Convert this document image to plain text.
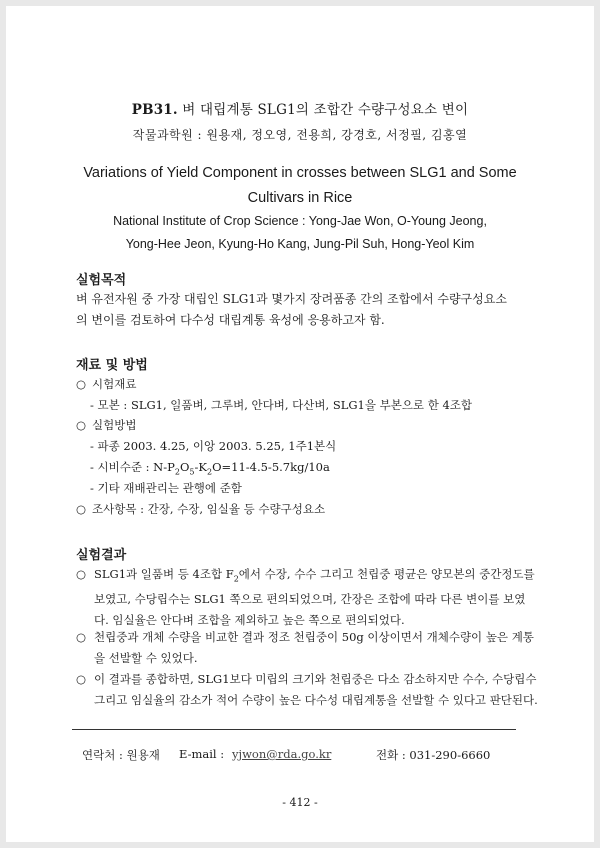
PB31. 벼 대립계통 SLG1의 조합간 수량구성요소 변이
작물과학원 : 원용재, 정오영, 전용희, 강경호, 서정필, 김홍열
Variations of Yield Component in crosses between SLG1 and Some
Cultivars in Rice
National Institute of Crop Science : Yong-Jae Won, O-Young Jeong,
Yong-Hee Jeon, Kyung-Ho Kang, Jung-Pil Suh, Hong-Yeol Kim
실험목적
벼 유전자원 중 가장 대립인 SLG1과 몇가지 장려품종 간의 조합에서 수량구성요소
의 변이를 검토하여 다수성 대립계통 육성에 응용하고자 함.
재료 및 방법
○ 시험재료
- 모본 : SLG1, 일품벼, 그루벼, 안다벼, 다산벼, SLG1을 부본으로 한 4조합
○ 실험방법
- 파종 2003. 4.25, 이앙 2003. 5.25, 1주1본식
- 시비수준 : $N-P_2O_5-K_2O=11-4.5-5.7kg/10a$
- 기타 재배관리는 관행에 준함
○ 조사항목 : 간장, 수장, 임실율 등 수량구성요소
실험결과
○ SLG1과 일품벼 등 4조합 $F_2$에서 수장, 수수 그리고 천립중 평균은 양모본의 중간정도를 보였고, 수당립수는 SLG1 쪽으로 편의되었으며, 간장은 조합에 따라 다른 변이를 보였다. 임실율은 안다벼 조합을 제외하고 높은 쪽으로 편의되었다.
○ 천립중과 개체 수량을 비교한 결과 정조 천립중이 50g 이상이면서 개체수량이 높은 계통을 선발할 수 있었다.
○ 이 결과를 종합하면, SLG1보다 미립의 크기와 천립중은 다소 감소하지만 수수, 수당립수 그리고 임실율의 감소가 적어 수량이 높은 다수성 대립계통을 선발할 수 있다고 판단된다.
연락처 : 원용재 E-mail : yjwon@rda.go.kr	전화 : 031-290-6660
- 412 -
